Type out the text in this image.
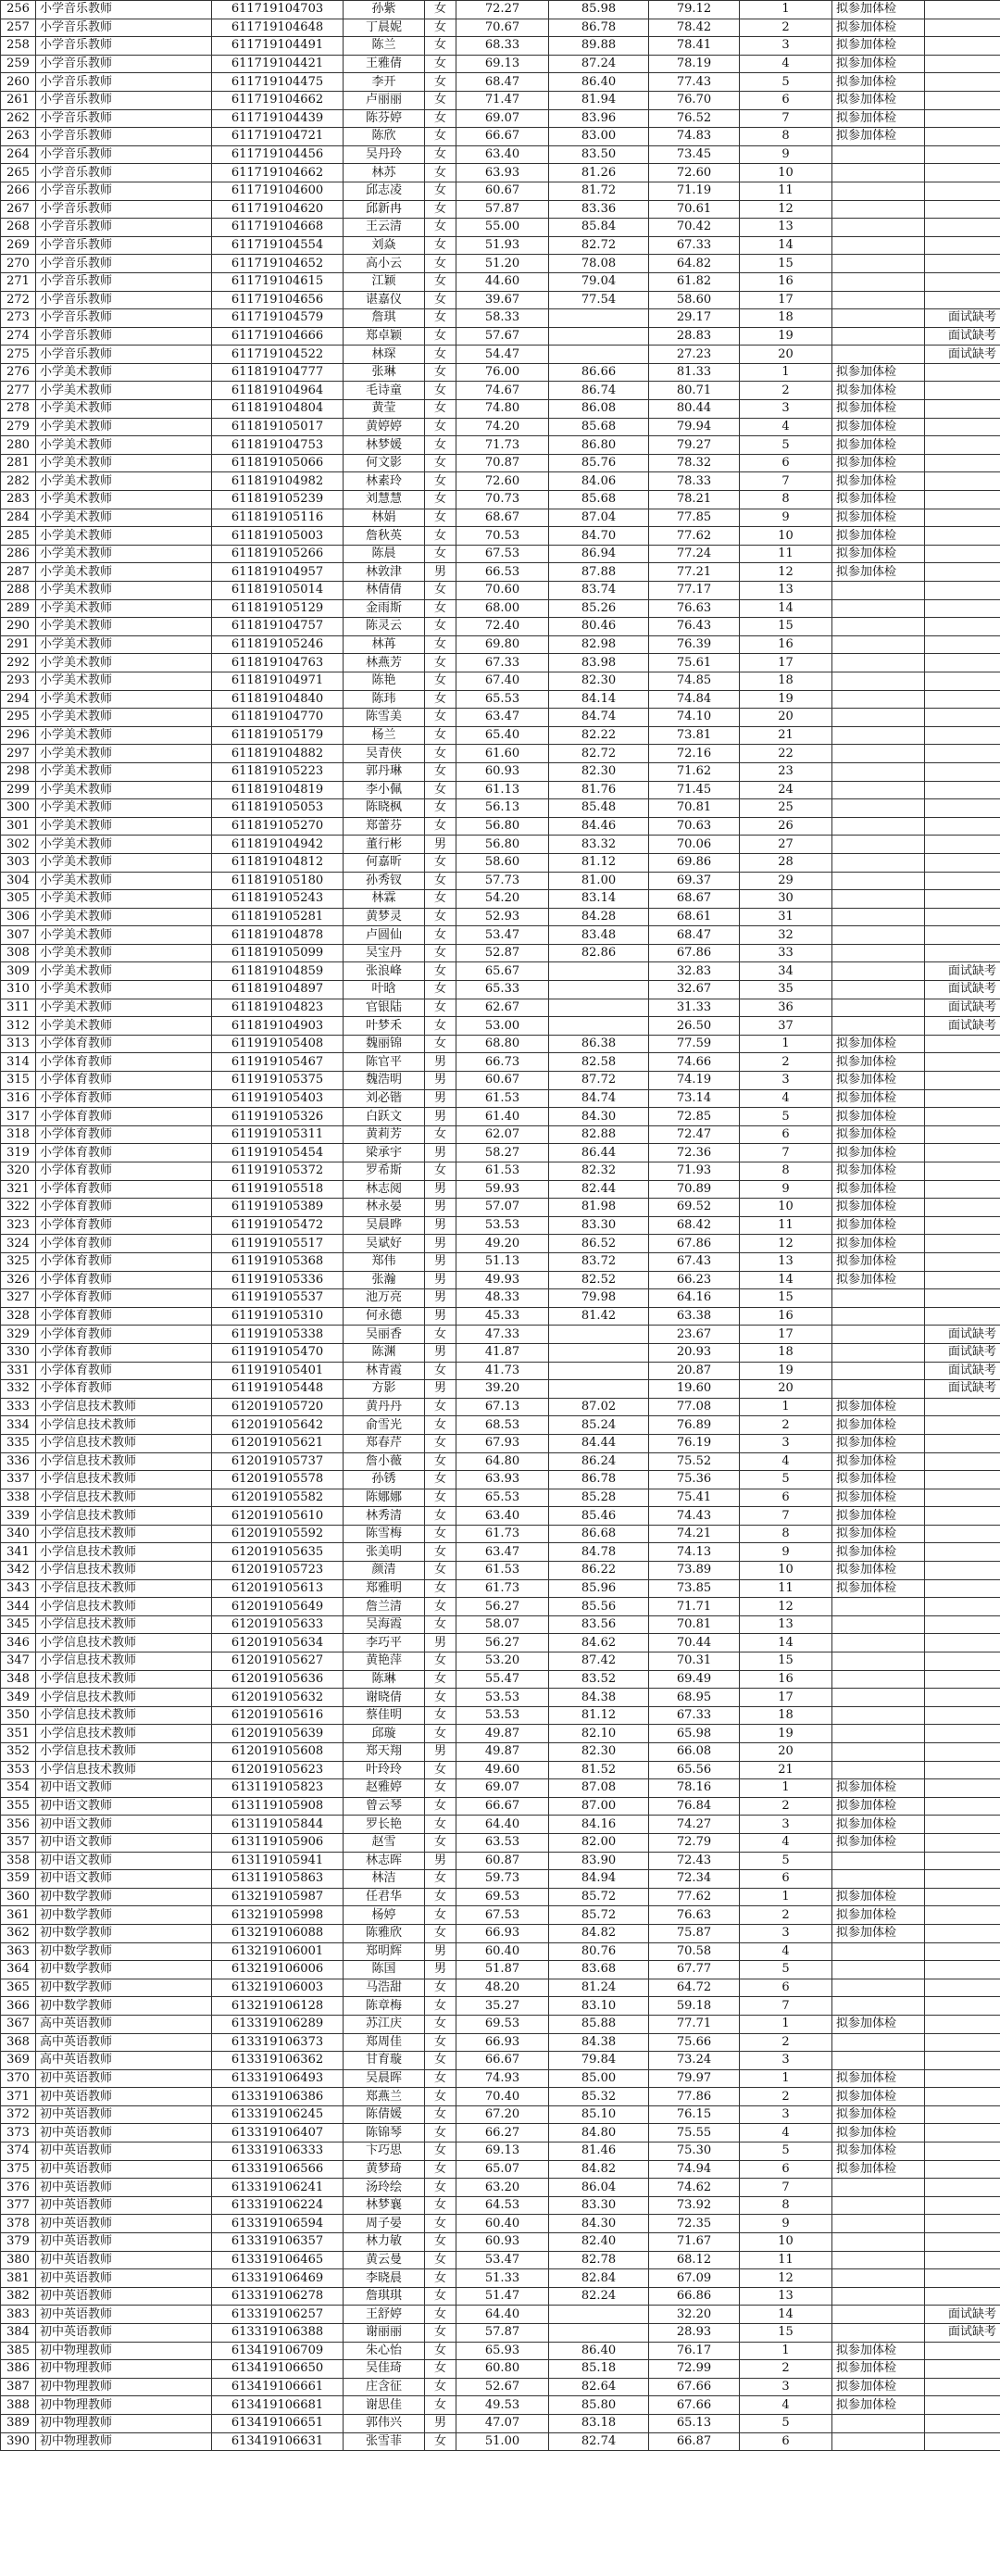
256	小学音乐教师	611719104703	孙紫	女	72.27	85.98	79.12	1	拟参加体检	
257	小学音乐教师	611719104648	丁晨妮	女	70.67	86.78	78.42	2	拟参加体检	
258	小学音乐教师	611719104491	陈兰	女	68.33	89.88	78.41	3	拟参加体检	
259	小学音乐教师	611719104421	王雅倩	女	69.13	87.24	78.19	4	拟参加体检	
260	小学音乐教师	611719104475	李开	女	68.47	86.40	77.43	5	拟参加体检	
261	小学音乐教师	611719104662	卢丽丽	女	71.47	81.94	76.70	6	拟参加体检	
262	小学音乐教师	611719104439	陈芬婷	女	69.07	83.96	76.52	7	拟参加体检	
263	小学音乐教师	611719104721	陈欣	女	66.67	83.00	74.83	8	拟参加体检	
264	小学音乐教师	611719104456	吴丹玲	女	63.40	83.50	73.45	9		
265	小学音乐教师	611719104662	林苏	女	63.93	81.26	72.60	10		
266	小学音乐教师	611719104600	邱志凌	女	60.67	81.72	71.19	11		
267	小学音乐教师	611719104620	邱新冉	女	57.87	83.36	70.61	12		
268	小学音乐教师	611719104668	王云清	女	55.00	85.84	70.42	13		
269	小学音乐教师	611719104554	刘焱	女	51.93	82.72	67.33	14		
270	小学音乐教师	611719104652	高小云	女	51.20	78.08	64.82	15		
271	小学音乐教师	611719104615	江颖	女	44.60	79.04	61.82	16		
272	小学音乐教师	611719104656	谌嘉仪	女	39.67	77.54	58.60	17		
273	小学音乐教师	611719104579	詹琪	女	58.33		29.17	18		面试缺考
274	小学音乐教师	611719104666	郑卓颖	女	57.67		28.83	19		面试缺考
275	小学音乐教师	611719104522	林琛	女	54.47		27.23	20		面试缺考
276	小学美术教师	611819104777	张琳	女	76.00	86.66	81.33	1	拟参加体检	
277	小学美术教师	611819104964	毛诗童	女	74.67	86.74	80.71	2	拟参加体检	
278	小学美术教师	611819104804	黄莹	女	74.80	86.08	80.44	3	拟参加体检	
279	小学美术教师	611819105017	黄婷婷	女	74.20	85.68	79.94	4	拟参加体检	
280	小学美术教师	611819104753	林梦媛	女	71.73	86.80	79.27	5	拟参加体检	
281	小学美术教师	611819105066	何文影	女	70.87	85.76	78.32	6	拟参加体检	
282	小学美术教师	611819104982	林素玲	女	72.60	84.06	78.33	7	拟参加体检	
283	小学美术教师	611819105239	刘慧慧	女	70.73	85.68	78.21	8	拟参加体检	
284	小学美术教师	611819105116	林娟	女	68.67	87.04	77.85	9	拟参加体检	
285	小学美术教师	611819105003	詹秋英	女	70.53	84.70	77.62	10	拟参加体检	
286	小学美术教师	611819105266	陈晨	女	67.53	86.94	77.24	11	拟参加体检	
287	小学美术教师	611819104957	林敦津	男	66.53	87.88	77.21	12	拟参加体检	
288	小学美术教师	611819105014	林倩倩	女	70.60	83.74	77.17	13		
289	小学美术教师	611819105129	金雨斯	女	68.00	85.26	76.63	14		
290	小学美术教师	611819104757	陈灵云	女	72.40	80.46	76.43	15		
291	小学美术教师	611819105246	林苒	女	69.80	82.98	76.39	16		
292	小学美术教师	611819104763	林燕芳	女	67.33	83.98	75.61	17		
293	小学美术教师	611819104971	陈艳	女	67.40	82.30	74.85	18		
294	小学美术教师	611819104840	陈玮	女	65.53	84.14	74.84	19		
295	小学美术教师	611819104770	陈雪美	女	63.47	84.74	74.10	20		
296	小学美术教师	611819105179	杨兰	女	65.40	82.22	73.81	21		
297	小学美术教师	611819104882	吴青侠	女	61.60	82.72	72.16	22		
298	小学美术教师	611819105223	郭丹琳	女	60.93	82.30	71.62	23		
299	小学美术教师	611819104819	李小佩	女	61.13	81.76	71.45	24		
300	小学美术教师	611819105053	陈晓枫	女	56.13	85.48	70.81	25		
301	小学美术教师	611819105270	郑蕾芬	女	56.80	84.46	70.63	26		
302	小学美术教师	611819104942	董行彬	男	56.80	83.32	70.06	27		
303	小学美术教师	611819104812	何嘉昕	女	58.60	81.12	69.86	28		
304	小学美术教师	611819105180	孙秀钗	女	57.73	81.00	69.37	29		
305	小学美术教师	611819105243	林霖	女	54.20	83.14	68.67	30		
306	小学美术教师	611819105281	黄梦灵	女	52.93	84.28	68.61	31		
307	小学美术教师	611819104878	卢圆仙	女	53.47	83.48	68.47	32		
308	小学美术教师	611819105099	吴宝丹	女	52.87	82.86	67.86	33		
309	小学美术教师	611819104859	张浪峰	女	65.67		32.83	34		面试缺考
310	小学美术教师	611819104897	叶晗	女	65.33		32.67	35		面试缺考
311	小学美术教师	611819104823	官银陆	女	62.67		31.33	36		面试缺考
312	小学美术教师	611819104903	叶梦禾	女	53.00		26.50	37		面试缺考
313	小学体育教师	611919105408	魏丽锦	女	68.80	86.38	77.59	1	拟参加体检	
314	小学体育教师	611919105467	陈官平	男	66.73	82.58	74.66	2	拟参加体检	
315	小学体育教师	611919105375	魏浩明	男	60.67	87.72	74.19	3	拟参加体检	
316	小学体育教师	611919105403	刘必锴	男	61.53	84.74	73.14	4	拟参加体检	
317	小学体育教师	611919105326	白跃文	男	61.40	84.30	72.85	5	拟参加体检	
318	小学体育教师	611919105311	黄莉芳	女	62.07	82.88	72.47	6	拟参加体检	
319	小学体育教师	611919105454	梁承宇	男	58.27	86.44	72.36	7	拟参加体检	
320	小学体育教师	611919105372	罗希斯	女	61.53	82.32	71.93	8	拟参加体检	
321	小学体育教师	611919105518	林志阅	男	59.93	82.44	70.89	9	拟参加体检	
322	小学体育教师	611919105389	林永晏	男	57.07	81.98	69.52	10	拟参加体检	
323	小学体育教师	611919105472	吴晨晔	男	53.53	83.30	68.42	11	拟参加体检	
324	小学体育教师	611919105517	吴斌好	男	49.20	86.52	67.86	12	拟参加体检	
325	小学体育教师	611919105368	郑伟	男	51.13	83.72	67.43	13	拟参加体检	
326	小学体育教师	611919105336	张瀚	男	49.93	82.52	66.23	14	拟参加体检	
327	小学体育教师	611919105537	池万亮	男	48.33	79.98	64.16	15		
328	小学体育教师	611919105310	何永德	男	45.33	81.42	63.38	16		
329	小学体育教师	611919105338	吴丽香	女	47.33		23.67	17		面试缺考
330	小学体育教师	611919105470	陈渊	男	41.87		20.93	18		面试缺考
331	小学体育教师	611919105401	林青霞	女	41.73		20.87	19		面试缺考
332	小学体育教师	611919105448	方影	男	39.20		19.60	20		面试缺考
333	小学信息技术教师	612019105720	黄丹丹	女	67.13	87.02	77.08	1	拟参加体检	
334	小学信息技术教师	612019105642	俞雪光	女	68.53	85.24	76.89	2	拟参加体检	
335	小学信息技术教师	612019105621	郑春芹	女	67.93	84.44	76.19	3	拟参加体检	
336	小学信息技术教师	612019105737	詹小薇	女	64.80	86.24	75.52	4	拟参加体检	
337	小学信息技术教师	612019105578	孙锈	女	63.93	86.78	75.36	5	拟参加体检	
338	小学信息技术教师	612019105582	陈娜娜	女	65.53	85.28	75.41	6	拟参加体检	
339	小学信息技术教师	612019105610	林秀清	女	63.40	85.46	74.43	7	拟参加体检	
340	小学信息技术教师	612019105592	陈雪梅	女	61.73	86.68	74.21	8	拟参加体检	
341	小学信息技术教师	612019105635	张美明	女	63.47	84.78	74.13	9	拟参加体检	
342	小学信息技术教师	612019105723	颜清	女	61.53	86.22	73.89	10	拟参加体检	
343	小学信息技术教师	612019105613	郑雅明	女	61.73	85.96	73.85	11	拟参加体检	
344	小学信息技术教师	612019105649	詹兰清	女	56.27	85.56	71.71	12		
345	小学信息技术教师	612019105633	吴海霞	女	58.07	83.56	70.81	13		
346	小学信息技术教师	612019105634	李巧平	男	56.27	84.62	70.44	14		
347	小学信息技术教师	612019105627	黄艳萍	女	53.20	87.42	70.31	15		
348	小学信息技术教师	612019105636	陈琳	女	55.47	83.52	69.49	16		
349	小学信息技术教师	612019105632	谢晓倩	女	53.53	84.38	68.95	17		
350	小学信息技术教师	612019105616	蔡佳明	女	53.53	81.12	67.33	18		
351	小学信息技术教师	612019105639	邱璇	女	49.87	82.10	65.98	19		
352	小学信息技术教师	612019105608	郑天翔	男	49.87	82.30	66.08	20		
353	小学信息技术教师	612019105623	叶玲玲	女	49.60	81.52	65.56	21		
354	初中语文教师	613119105823	赵雅婷	女	69.07	87.08	78.16	1	拟参加体检	
355	初中语文教师	613119105908	曾云琴	女	66.67	87.00	76.84	2	拟参加体检	
356	初中语文教师	613119105844	罗长艳	女	64.40	84.16	74.27	3	拟参加体检	
357	初中语文教师	613119105906	赵雪	女	63.53	82.00	72.79	4	拟参加体检	
358	初中语文教师	613119105941	林志晖	男	60.87	83.90	72.43	5		
359	初中语文教师	613119105863	林洁	女	59.73	84.94	72.34	6		
360	初中数学教师	613219105987	任君华	女	69.53	85.72	77.62	1	拟参加体检	
361	初中数学教师	613219105998	杨婷	女	67.53	85.72	76.63	2	拟参加体检	
362	初中数学教师	613219106088	陈雅欣	女	66.93	84.82	75.87	3	拟参加体检	
363	初中数学教师	613219106001	郑明辉	男	60.40	80.76	70.58	4		
364	初中数学教师	613219106006	陈国	男	51.87	83.68	67.77	5		
365	初中数学教师	613219106003	马浩甜	女	48.20	81.24	64.72	6		
366	初中数学教师	613219106128	陈章梅	女	35.27	83.10	59.18	7		
367	高中英语教师	613319106289	苏江庆	女	69.53	85.88	77.71	1	拟参加体检	
368	高中英语教师	613319106373	郑周佳	女	66.93	84.38	75.66	2		
369	高中英语教师	613319106362	甘育璇	女	66.67	79.84	73.24	3		
370	初中英语教师	613319106493	吴晨晖	女	74.93	85.00	79.97	1	拟参加体检	
371	初中英语教师	613319106386	郑燕兰	女	70.40	85.32	77.86	2	拟参加体检	
372	初中英语教师	613319106245	陈倩媛	女	67.20	85.10	76.15	3	拟参加体检	
373	初中英语教师	613319106407	陈锦琴	女	66.27	84.80	75.55	4	拟参加体检	
374	初中英语教师	613319106333	卞巧思	女	69.13	81.46	75.30	5	拟参加体检	
375	初中英语教师	613319106566	黄梦琦	女	65.07	84.82	74.94	6	拟参加体检	
376	初中英语教师	613319106241	汤玲绘	女	63.20	86.04	74.62	7		
377	初中英语教师	613319106224	林梦襄	女	64.53	83.30	73.92	8		
378	初中英语教师	613319106594	周子晏	女	60.40	84.30	72.35	9		
379	初中英语教师	613319106357	林力敏	女	60.93	82.40	71.67	10		
380	初中英语教师	613319106465	黄云曼	女	53.47	82.78	68.12	11		
381	初中英语教师	613319106469	李晓晨	女	51.33	82.84	67.09	12		
382	初中英语教师	613319106278	詹琪琪	女	51.47	82.24	66.86	13		
383	初中英语教师	613319106257	王舒婷	女	64.40		32.20	14		面试缺考
384	初中英语教师	613319106388	谢丽丽	女	57.87		28.93	15		面试缺考
385	初中物理教师	613419106709	朱心怡	女	65.93	86.40	76.17	1	拟参加体检	
386	初中物理教师	613419106650	吴佳琦	女	60.80	85.18	72.99	2	拟参加体检	
387	初中物理教师	613419106661	庄含征	女	52.67	82.64	67.66	3	拟参加体检	
388	初中物理教师	613419106681	谢思佳	女	49.53	85.80	67.66	4	拟参加体检	
389	初中物理教师	613419106651	郭伟兴	男	47.07	83.18	65.13	5		
390	初中物理教师	613419106631	张雪菲	女	51.00	82.74	66.87	6		
